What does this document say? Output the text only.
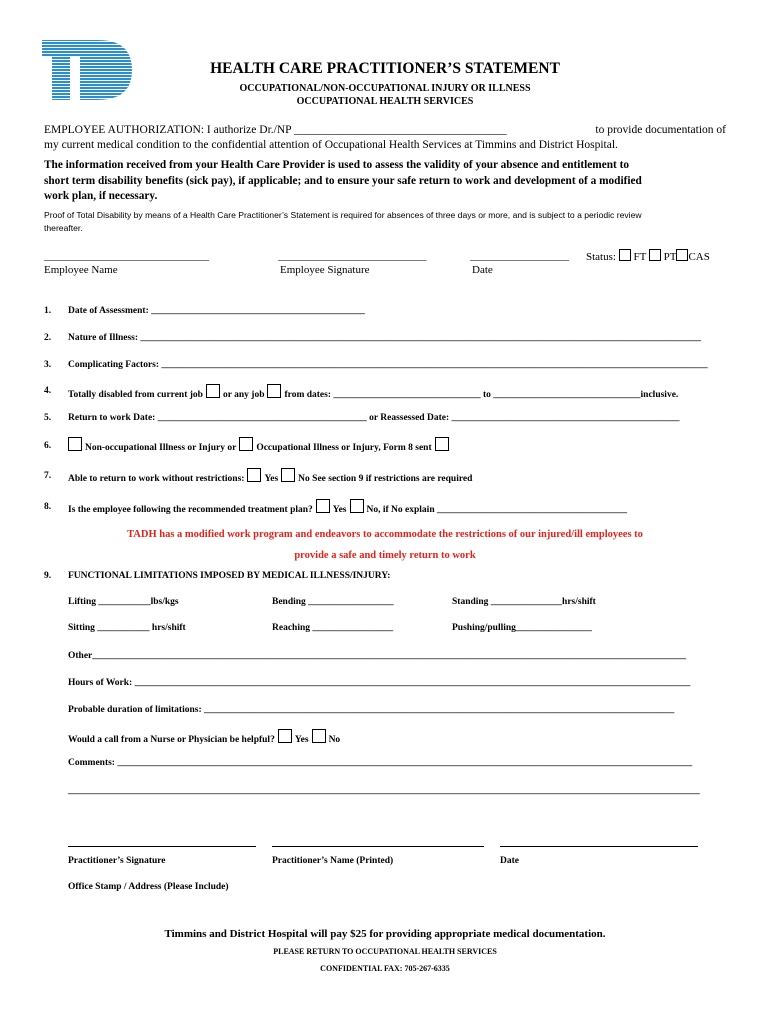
HEALTH CARE PRACTITIONER’S STATEMENT
OCCUPATIONAL/NON-OCCUPATIONAL INJURY OR ILLNESS
OCCUPATIONAL HEALTH SERVICES
EMPLOYEE AUTHORIZATION: I authorize Dr./NP _____________________________________	to provide documentation of
my current medical condition to the confidential attention of Occupational Health Services at Timmins and District Hospital.
The information received from your Health Care Provider is used to assess the validity of your absence and entitlement to
short term disability benefits (sick pay), if applicable; and to ensure your safe return to work and development of a modified
work plan, if necessary.
Proof of Total Disability by means of a Health Care Practitioner’s Statement is required for absences of three days or more, and is subject to a periodic review
thereafter.
______________________________
Employee Name
___________________________
Employee Signature
__________________
Date
Status: FT PT CAS
1. Date of Assessment: _____________________________________________
2. Nature of Illness: ______________________________________________________________________________________________________________________
3. Complicating Factors: ___________________________________________________________________________________________________________________
4. Totally disabled from current job or any job from dates: _______________________________ to _______________________________inclusive.
5. Return to work Date: ____________________________________________ or Reassessed Date: ________________________________________________
6.	Non-occupational Illness or Injury or Occupational Illness or Injury, Form 8 sent
7. Able to return to work without restrictions: Yes No See section 9 if restrictions are required
8. Is the employee following the recommended treatment plan? Yes No, if No explain ________________________________________
TADH has a modified work program and endeavors to accommodate the restrictions of our injured/ill employees to
provide a safe and timely return to work
9. FUNCTIONAL LIMITATIONS IMPOSED BY MEDICAL ILLNESS/INJURY:
Lifting ___________lbs/kgs	Bending __________________	Standing _______________hrs/shift
Sitting ___________ hrs/shift	Reaching _________________	Pushing/pulling________________
Other_____________________________________________________________________________________________________________________________
Hours of Work: _____________________________________________________________________________________________________________________
Probable duration of limitations: ___________________________________________________________________________________________________
Would a call from a Nurse or Physician be helpful? Yes No
Comments: _________________________________________________________________________________________________________________________
_____________________________________________________________________________________________________________________________________
Practitioner’s Signature	Practitioner’s Name (Printed)	Date
Office Stamp / Address (Please Include)
Timmins and District Hospital will pay $25 for providing appropriate medical documentation.
PLEASE RETURN TO OCCUPATIONAL HEALTH SERVICES
CONFIDENTIAL FAX: 705-267-6335
